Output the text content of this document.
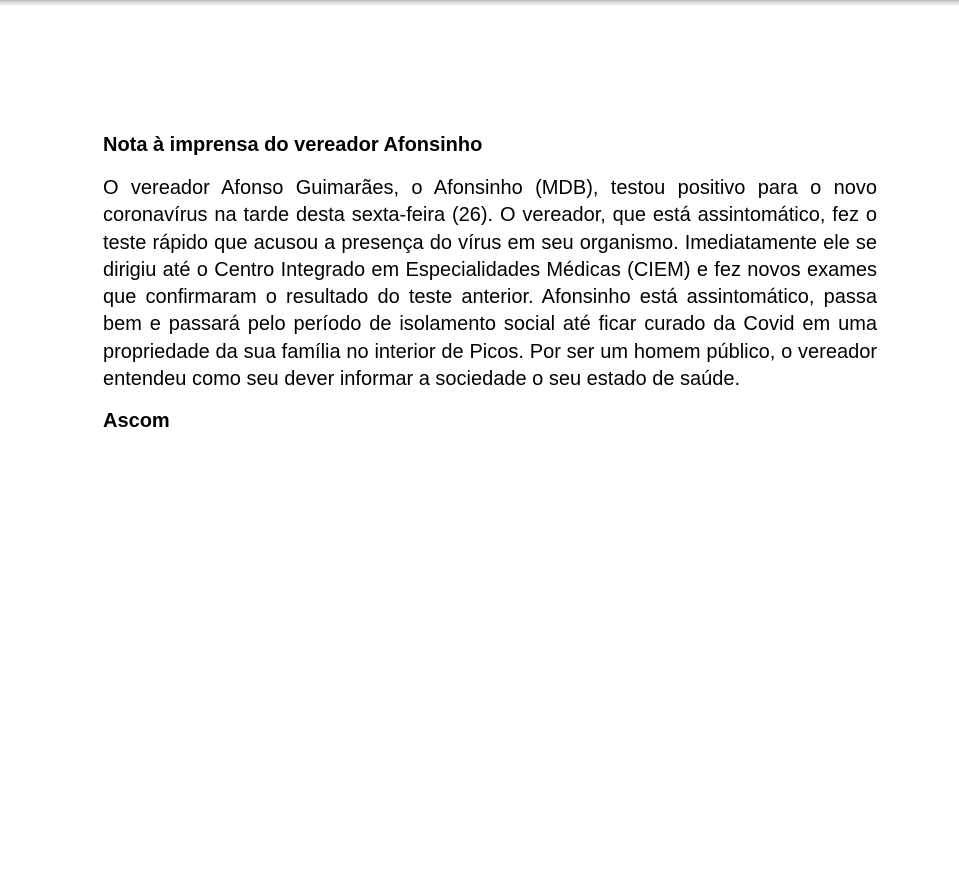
Nota à imprensa do vereador Afonsinho

O vereador Afonso Guimarães, o Afonsinho (MDB), testou positivo para o novo coronavírus na tarde desta sexta-feira (26). O vereador, que está assintomático, fez o teste rápido que acusou a presença do vírus em seu organismo. Imediatamente ele se dirigiu até o Centro Integrado em Especialidades Médicas (CIEM) e fez novos exames que confirmaram o resultado do teste anterior. Afonsinho está assintomático, passa bem e passará pelo período de isolamento social até ficar curado da Covid em uma propriedade da sua família no interior de Picos. Por ser um homem público, o vereador entendeu como seu dever informar a sociedade o seu estado de saúde.

Ascom
